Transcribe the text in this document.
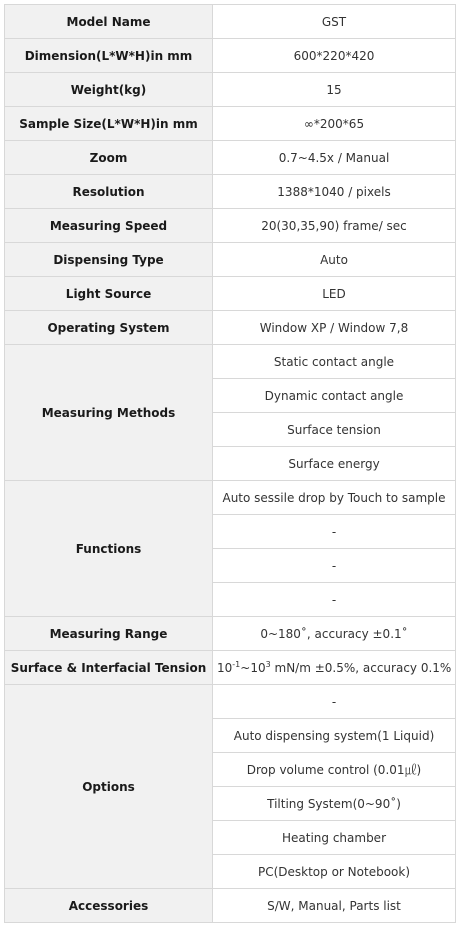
Model Name	GST
Dimension(L*W*H)in mm	600*220*420
Weight(kg)	15
Sample Size(L*W*H)in mm	∞*200*65
Zoom	0.7~4.5x / Manual
Resolution	1388*1040 / pixels
Measuring Speed	20(30,35,90) frame/ sec
Dispensing Type	Auto
Light Source	LED
Operating System	Window XP / Window 7,8
Measuring Methods	Static contact angle
	Dynamic contact angle
	Surface tension
	Surface energy
Functions	Auto sessile drop by Touch to sample
	-
	-
	-
Measuring Range	0~180˚, accuracy ±0.1˚
Surface & Interfacial Tension	$10^{-1}\sim 10^3$ mN/m ±0.5%, accuracy 0.1%
Options	-
	Auto dispensing system(1 Liquid)
	Drop volume control (0.01㎕)
	Tilting System(0~90˚)
	Heating chamber
	PC(Desktop or Notebook)
Accessories	S/W, Manual, Parts list
